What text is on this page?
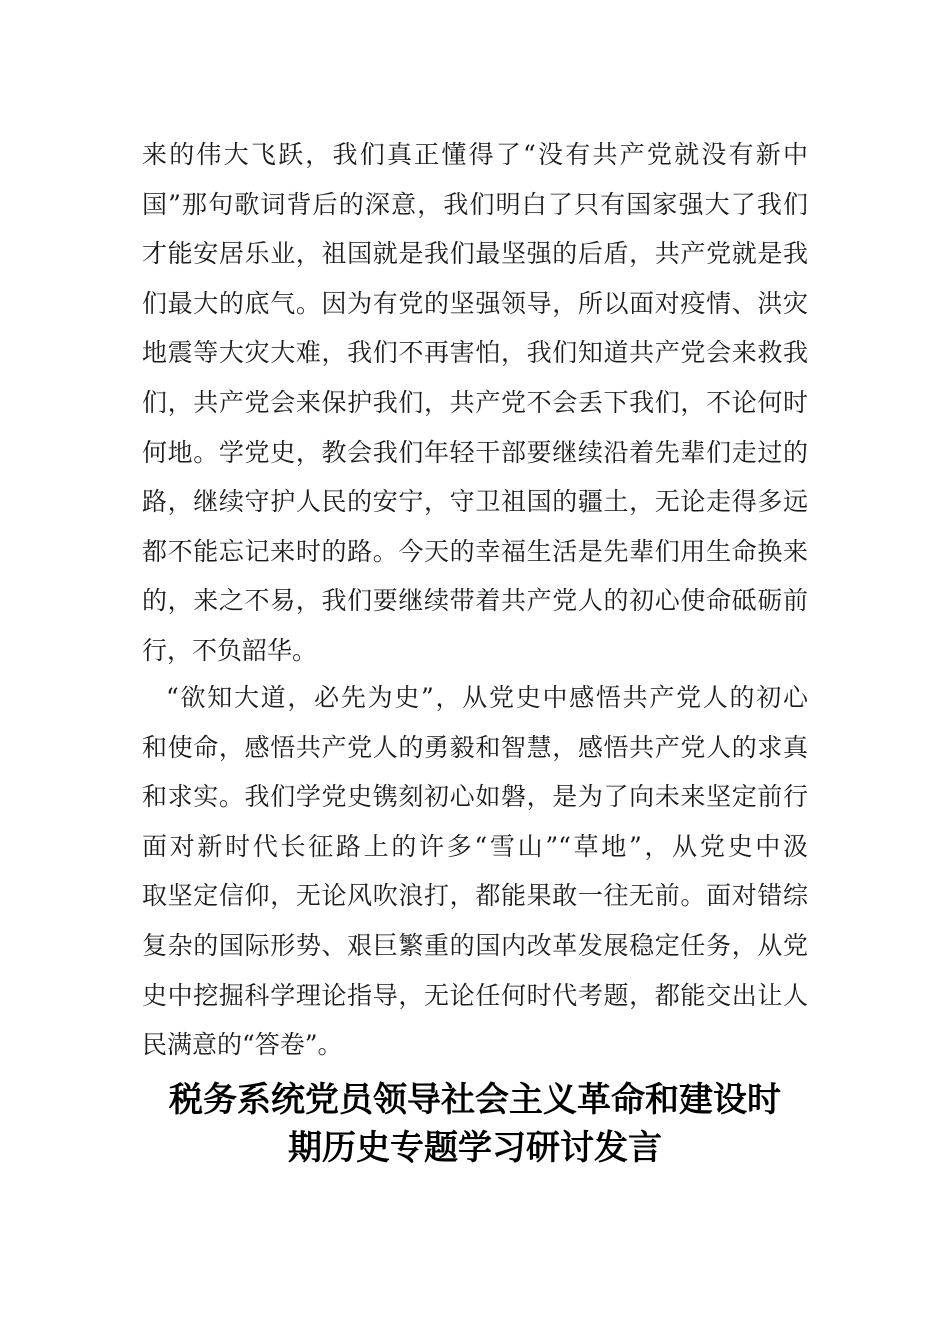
来的伟大飞跃，我们真正懂得了“没有共产党就没有新中
国”那句歌词背后的深意，我们明白了只有国家强大了我们
才能安居乐业，祖国就是我们最坚强的后盾，共产党就是我
们最大的底气。因为有党的坚强领导，所以面对疫情、洪灾
地震等大灾大难，我们不再害怕，我们知道共产党会来救我
们，共产党会来保护我们，共产党不会丢下我们，不论何时
何地。学党史，教会我们年轻干部要继续沿着先辈们走过的
路，继续守护人民的安宁，守卫祖国的疆土，无论走得多远
都不能忘记来时的路。今天的幸福生活是先辈们用生命换来
的，来之不易，我们要继续带着共产党人的初心使命砥砺前
行，不负韶华。
“欲知大道，必先为史”，从党史中感悟共产党人的初心
和使命，感悟共产党人的勇毅和智慧，感悟共产党人的求真
和求实。我们学党史镌刻初心如磐，是为了向未来坚定前行
面对新时代长征路上的许多“雪山”“草地”，从党史中汲
取坚定信仰，无论风吹浪打，都能果敢一往无前。面对错综
复杂的国际形势、艰巨繁重的国内改革发展稳定任务，从党
史中挖掘科学理论指导，无论任何时代考题，都能交出让人
民满意的“答卷”。
税务系统党员领导社会主义革命和建设时
期历史专题学习研讨发言
